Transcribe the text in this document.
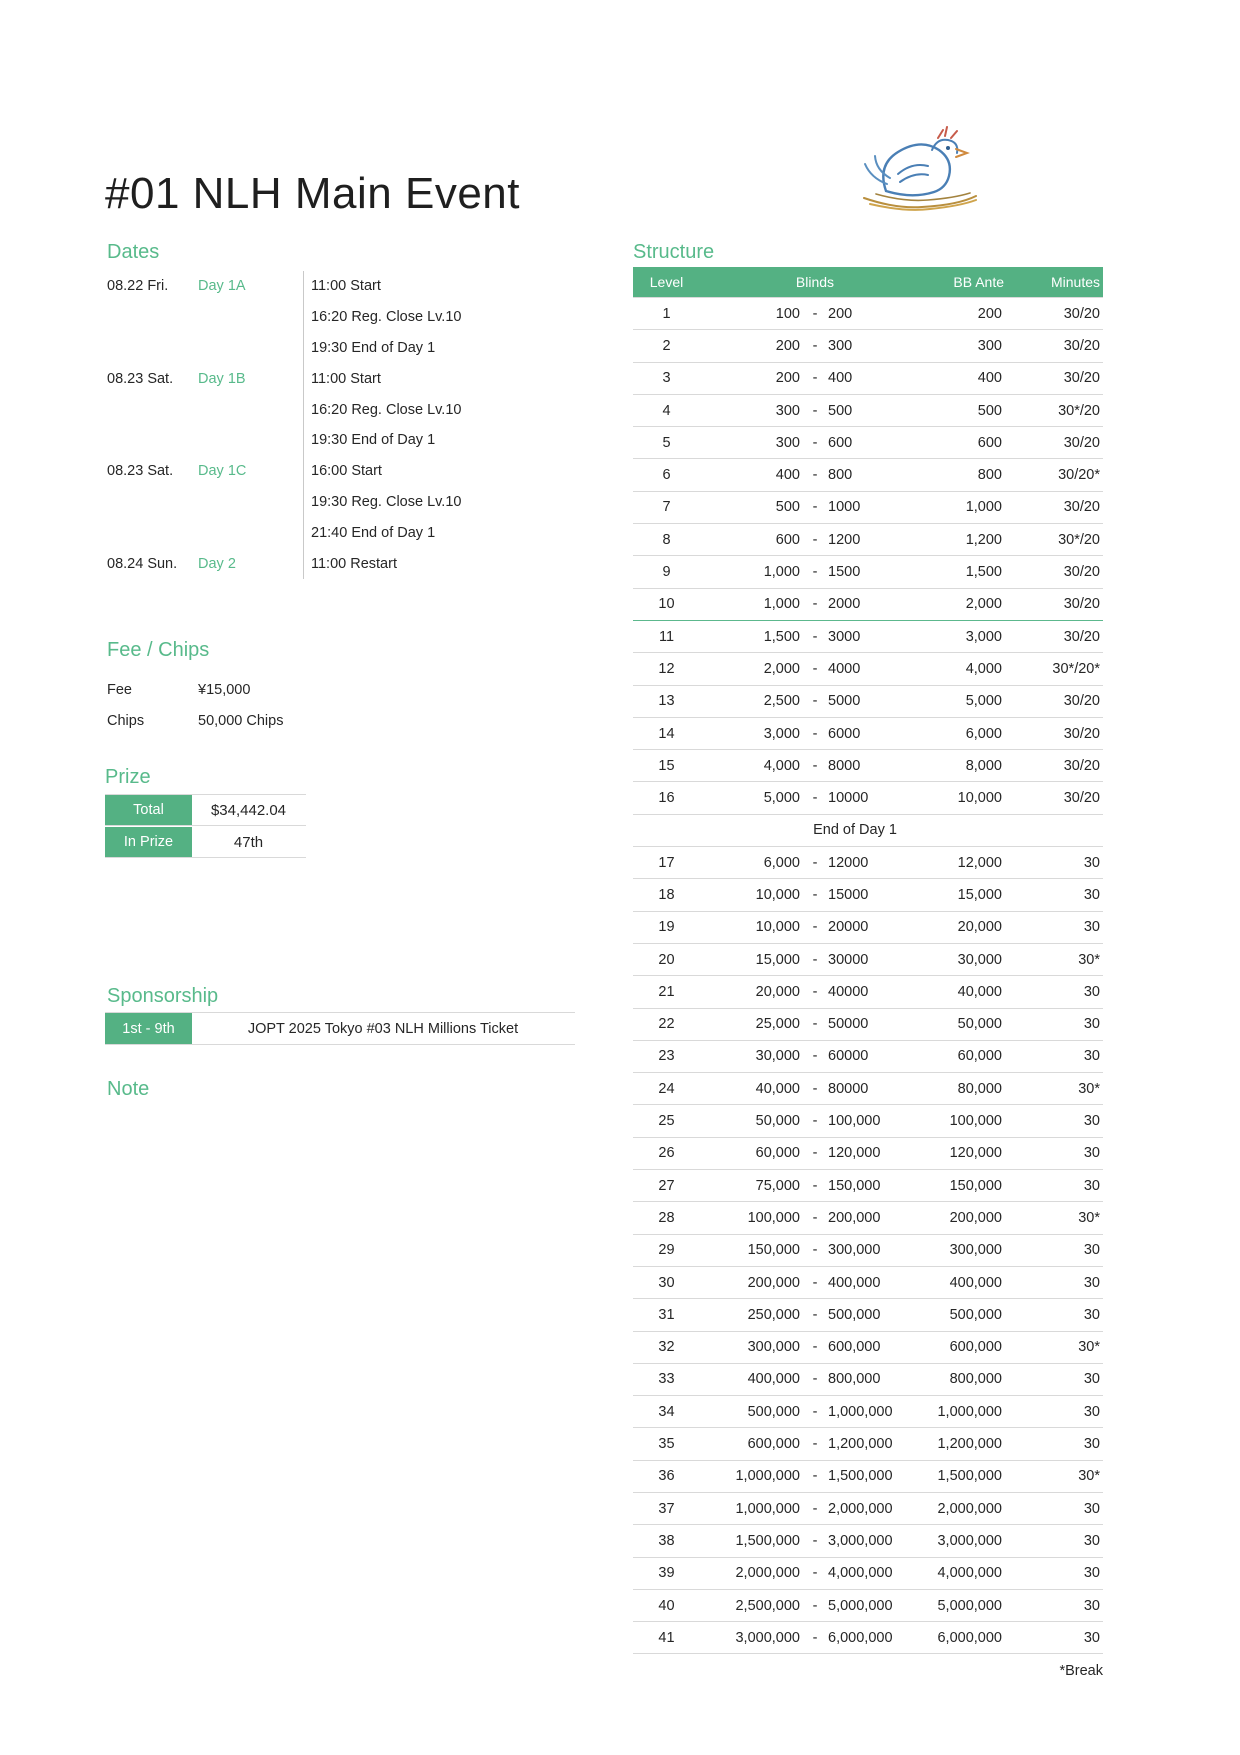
#01 NLH Main Event
Dates
08.22 Fri.	Day 1A	11:00 Start
16:20 Reg. Close Lv.10
19:30 End of Day 1
08.23 Sat.	Day 1B	11:00 Start
16:20 Reg. Close Lv.10
19:30 End of Day 1
08.23 Sat.	Day 1C	16:00 Start
19:30 Reg. Close Lv.10
21:40 End of Day 1
08.24 Sun.	Day 2	11:00 Restart
Fee / Chips
Fee	¥15,000
Chips	50,000 Chips
Prize
Total	$34,442.04
In Prize	47th
Sponsorship
1st - 9th	JOPT 2025 Tokyo #03 NLH Millions Ticket
Note
Structure
Level	Blinds	BB Ante	Minutes
1	100 - 200	200	30/20
2	200 - 300	300	30/20
3	200 - 400	400	30/20
4	300 - 500	500	30*/20
5	300 - 600	600	30/20
6	400 - 800	800	30/20*
7	500 - 1000	1,000	30/20
8	600 - 1200	1,200	30*/20
9	1,000 - 1500	1,500	30/20
10	1,000 - 2000	2,000	30/20
11	1,500 - 3000	3,000	30/20
12	2,000 - 4000	4,000	30*/20*
13	2,500 - 5000	5,000	30/20
14	3,000 - 6000	6,000	30/20
15	4,000 - 8000	8,000	30/20
16	5,000 - 10000	10,000	30/20
End of Day 1
17	6,000 - 12000	12,000	30
18	10,000 - 15000	15,000	30
19	10,000 - 20000	20,000	30
20	15,000 - 30000	30,000	30*
21	20,000 - 40000	40,000	30
22	25,000 - 50000	50,000	30
23	30,000 - 60000	60,000	30
24	40,000 - 80000	80,000	30*
25	50,000 - 100,000	100,000	30
26	60,000 - 120,000	120,000	30
27	75,000 - 150,000	150,000	30
28	100,000 - 200,000	200,000	30*
29	150,000 - 300,000	300,000	30
30	200,000 - 400,000	400,000	30
31	250,000 - 500,000	500,000	30
32	300,000 - 600,000	600,000	30*
33	400,000 - 800,000	800,000	30
34	500,000 - 1,000,000	1,000,000	30
35	600,000 - 1,200,000	1,200,000	30
36	1,000,000 - 1,500,000	1,500,000	30*
37	1,000,000 - 2,000,000	2,000,000	30
38	1,500,000 - 3,000,000	3,000,000	30
39	2,000,000 - 4,000,000	4,000,000	30
40	2,500,000 - 5,000,000	5,000,000	30
41	3,000,000 - 6,000,000	6,000,000	30
*Break
